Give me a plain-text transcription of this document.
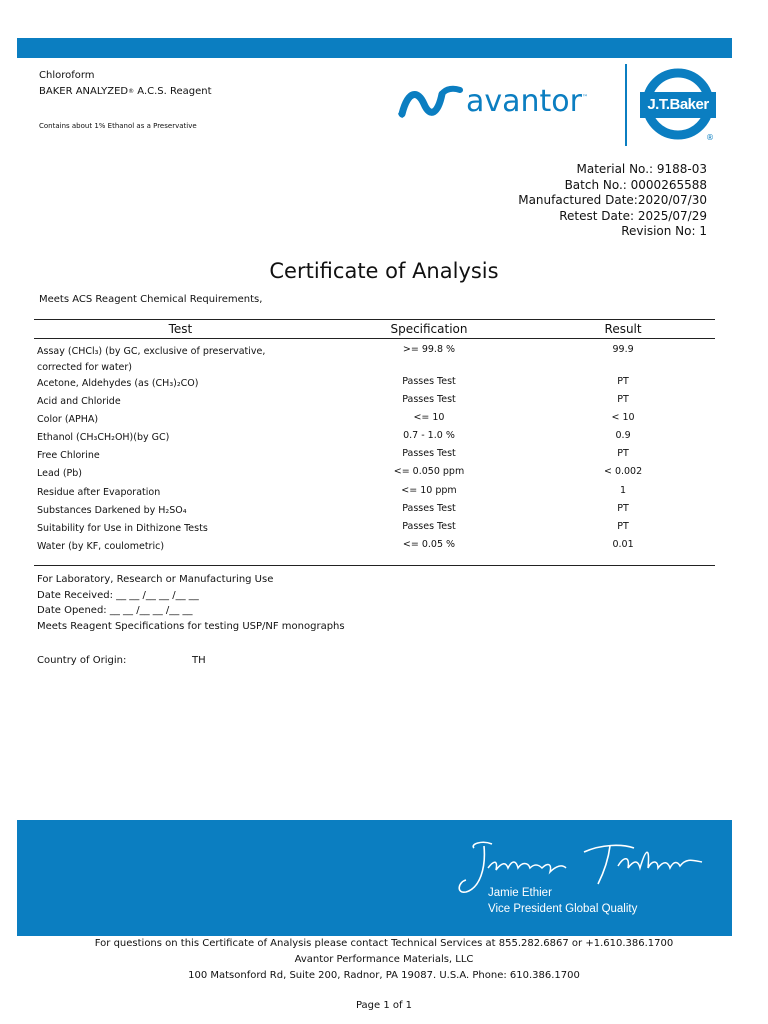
Chloroform
BAKER ANALYZED® A.C.S. Reagent
Contains about 1% Ethanol as a Preservative
avantor ™	J.T.Baker
®
Material No.: 9188-03
Batch No.: 0000265588
Manufactured Date:2020/07/30
Retest Date: 2025/07/29
Revision No: 1
Certificate of Analysis
Meets ACS Reagent Chemical Requirements,
Test	Specification	Result
Assay (CHCl₃) (by GC, exclusive of preservative,
corrected for water)	>= 99.8 %	99.9
Acetone, Aldehydes (as (CH₃)₂CO)	Passes Test	PT
Acid and Chloride	Passes Test	PT
Color (APHA)	<= 10	< 10
Ethanol (CH₃CH₂OH)(by GC)	0.7 - 1.0 %	0.9
Free Chlorine	Passes Test	PT
Lead (Pb)	<= 0.050 ppm	< 0.002
Residue after Evaporation	<= 10 ppm	1
Substances Darkened by H₂SO₄	Passes Test	PT
Suitability for Use in Dithizone Tests	Passes Test	PT
Water (by KF, coulometric)	<= 0.05 %	0.01
For Laboratory, Research or Manufacturing Use
Date Received: __ __ /__ __ /__ __
Date Opened: __ __ /__ __ /__ __
Meets Reagent Specifications for testing USP/NF monographs
Country of Origin:	TH
Jamie Ethier
Vice President Global Quality
For questions on this Certificate of Analysis please contact Technical Services at 855.282.6867 or +1.610.386.1700
Avantor Performance Materials, LLC
100 Matsonford Rd, Suite 200, Radnor, PA 19087. U.S.A. Phone: 610.386.1700
Page 1 of 1
